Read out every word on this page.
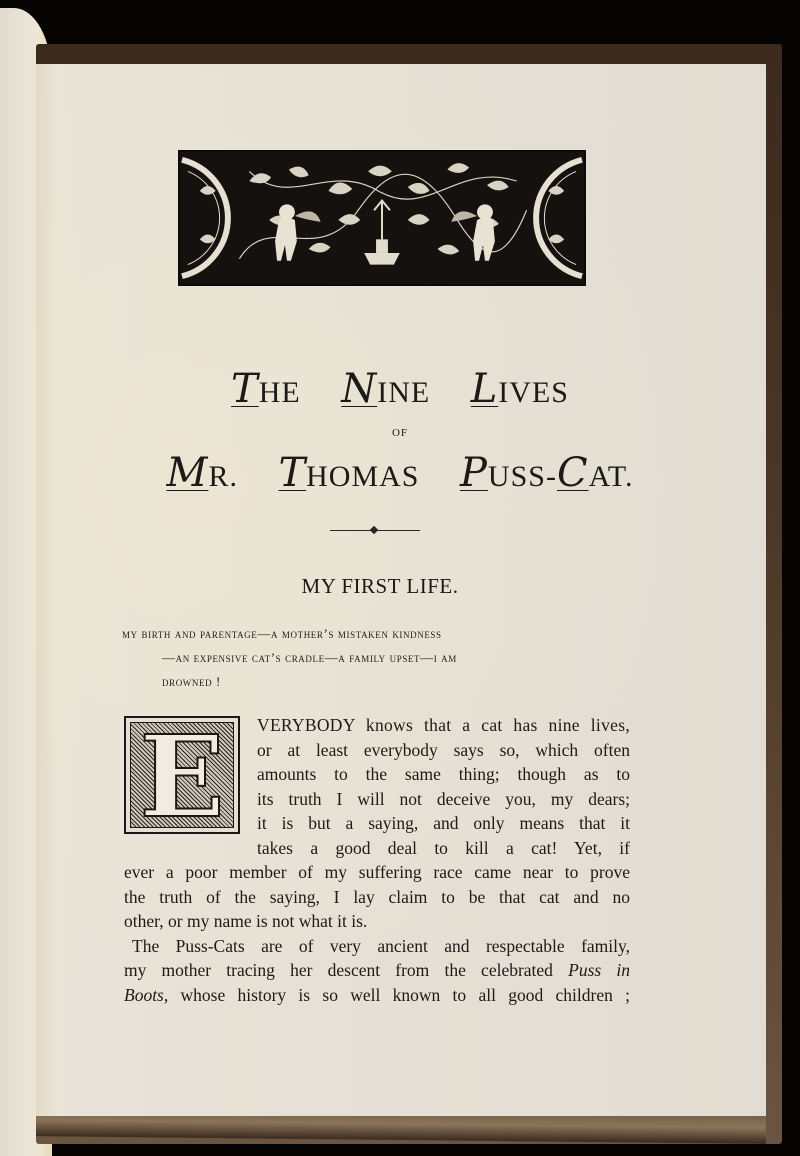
THE NINE LIVES
OF
MR. THOMAS PUSS-CAT.
MY FIRST LIFE.
my birth and parentage—a mother’s mistaken kindness
—an expensive cat’s cradle—a family upset—i am
drowned !
E	VERYBODY knows that a cat has nine lives,
or at least everybody says so, which often
amounts to the same thing; though as to
its truth I will not deceive you, my dears;
it is but a saying, and only means that it
takes a good deal to kill a cat! Yet, if
ever a poor member of my suffering race came near to prove
the truth of the saying, I lay claim to be that cat and no
other, or my name is not what it is.
The Puss-Cats are of very ancient and respectable family,
my mother tracing her descent from the celebrated Puss in
Boots, whose history is so well known to all good children ;
